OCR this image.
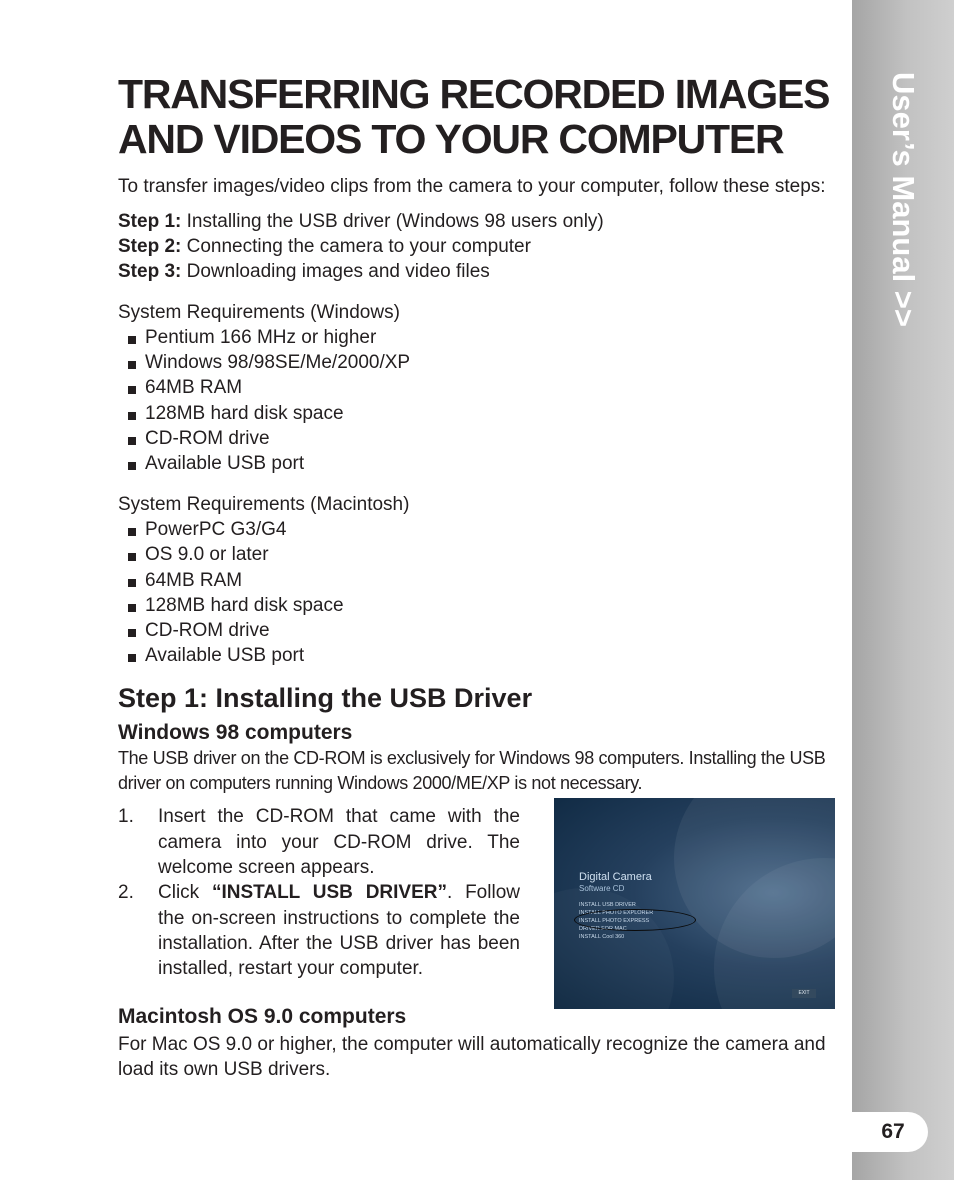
User’s Manual >>
67
TRANSFERRING RECORDED IMAGES
AND VIDEOS TO YOUR COMPUTER

To transfer images/video clips from the camera to your computer, follow these steps:

Step 1: Installing the USB driver (Windows 98 users only)
Step 2: Connecting the camera to your computer
Step 3: Downloading images and video files
System Requirements (Windows)
Pentium 166 MHz or higher
Windows 98/98SE/Me/2000/XP
64MB RAM
128MB hard disk space
CD-ROM drive
Available USB port
System Requirements (Macintosh)
PowerPC G3/G4
OS 9.0 or later
64MB RAM
128MB hard disk space
CD-ROM drive
Available USB port
Step 1: Installing the USB Driver
Windows 98 computers
The USB driver on the CD-ROM is exclusively for Windows 98 computers. Installing the USB driver on computers running Windows 2000/ME/XP is not necessary.
1. Insert the CD-ROM that came with the camera into your CD-ROM drive. The welcome screen appears.
2. Click “INSTALL USB DRIVER”. Follow the on-screen instructions to complete the installation. After the USB driver has been installed, restart your computer.
Digital Camera
Software CD
INSTALL USB DRIVER
INSTALL PHOTO EXPLORER
INSTALL PHOTO EXPRESS
DRIVER FOR MAC
INSTALL Cool 360
EXIT
Macintosh OS 9.0 computers
For Mac OS 9.0 or higher, the computer will automatically recognize the camera and load its own USB drivers.
